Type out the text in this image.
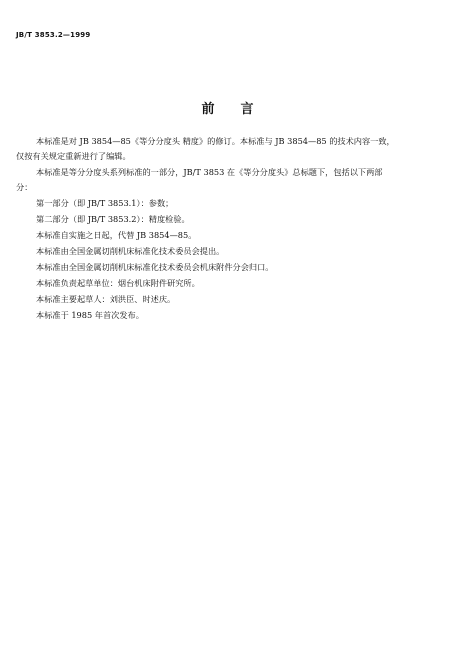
JB/T 3853.2—1999
前言

本标准是对 JB 3854—85《等分分度头 精度》的修订。本标准与 JB 3854—85 的技术内容一致，
仅按有关规定重新进行了编辑。

本标准是等分分度头系列标准的一部分，JB/T 3853 在《等分分度头》总标题下，包括以下两部
分：

第一部分（即 JB/T 3853.1）：参数；

第二部分（即 JB/T 3853.2）：精度检验。

本标准自实施之日起，代替 JB 3854—85。

本标准由全国金属切削机床标准化技术委员会提出。

本标准由全国金属切削机床标准化技术委员会机床附件分会归口。

本标准负责起草单位：烟台机床附件研究所。

本标准主要起草人：刘洪臣、时述庆。

本标准于 1985 年首次发布。
